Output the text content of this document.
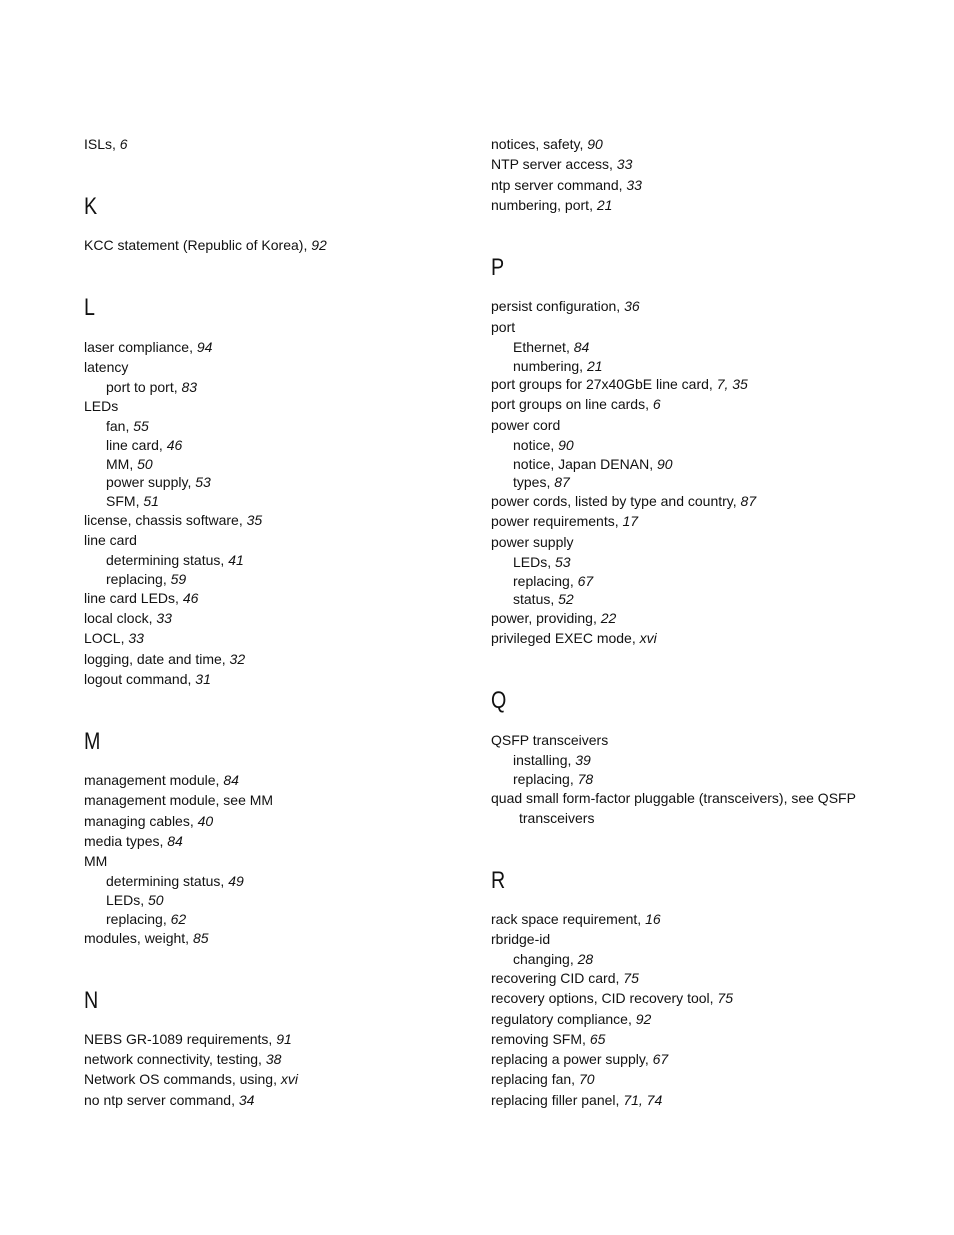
ISLs, 6
K
KCC statement (Republic of Korea), 92
L
laser compliance, 94
latency
port to port, 83
LEDs
fan, 55
line card, 46
MM, 50
power supply, 53
SFM, 51
license, chassis software, 35
line card
determining status, 41
replacing, 59
line card LEDs, 46
local clock, 33
LOCL, 33
logging, date and time, 32
logout command, 31
M
management module, 84
management module, see MM
managing cables, 40
media types, 84
MM
determining status, 49
LEDs, 50
replacing, 62
modules, weight, 85
N
NEBS GR-1089 requirements, 91
network connectivity, testing, 38
Network OS commands, using, xvi
no ntp server command, 34
notices, safety, 90
NTP server access, 33
ntp server command, 33
numbering, port, 21
P
persist configuration, 36
port
Ethernet, 84
numbering, 21
port groups for 27x40GbE line card, 7, 35
port groups on line cards, 6
power cord
notice, 90
notice, Japan DENAN, 90
types, 87
power cords, listed by type and country, 87
power requirements, 17
power supply
LEDs, 53
replacing, 67
status, 52
power, providing, 22
privileged EXEC mode, xvi
Q
QSFP transceivers
installing, 39
replacing, 78
quad small form-factor pluggable (transceivers), see QSFP
transceivers
R
rack space requirement, 16
rbridge-id
changing, 28
recovering CID card, 75
recovery options, CID recovery tool, 75
regulatory compliance, 92
removing SFM, 65
replacing a power supply, 67
replacing fan, 70
replacing filler panel, 71, 74
